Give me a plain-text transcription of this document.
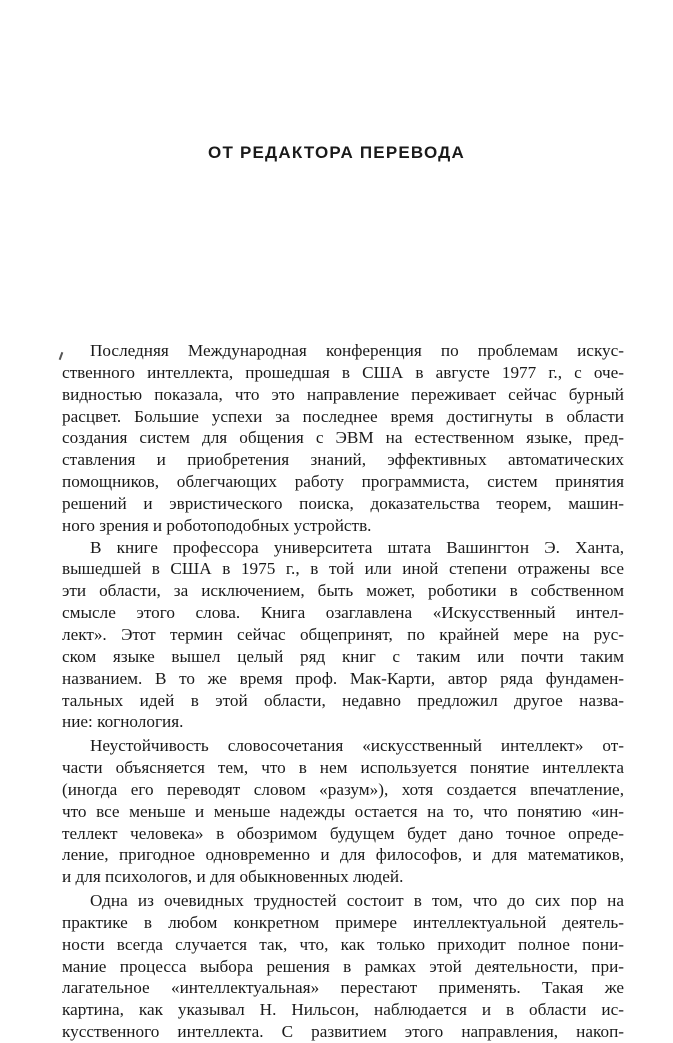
ОТ РЕДАКТОРА ПЕРЕВОДА
Последняя Международная конференция по проблемам искус-
ственного интеллекта, прошедшая в США в августе 1977 г., с оче-
видностью показала, что это направление переживает сейчас бурный
расцвет. Большие успехи за последнее время достигнуты в области
создания систем для общения с ЭВМ на естественном языке, пред-
ставления и приобретения знаний, эффективных автоматических
помощников, облегчающих работу программиста, систем принятия
решений и эвристического поиска, доказательства теорем, машин-
ного зрения и роботоподобных устройств.
В книге профессора университета штата Вашингтон Э. Ханта,
вышедшей в США в 1975 г., в той или иной степени отражены все
эти области, за исключением, быть может, роботики в собственном
смысле этого слова. Книга озаглавлена «Искусственный интел-
лект». Этот термин сейчас общепринят, по крайней мере на рус-
ском языке вышел целый ряд книг с таким или почти таким
названием. В то же время проф. Мак-Карти, автор ряда фундамен-
тальных идей в этой области, недавно предложил другое назва-
ние: когнология.
Неустойчивость словосочетания «искусственный интеллект» от-
части объясняется тем, что в нем используется понятие интеллекта
(иногда его переводят словом «разум»), хотя создается впечатление,
что все меньше и меньше надежды остается на то, что понятию «ин-
теллект человека» в обозримом будущем будет дано точное опреде-
ление, пригодное одновременно и для философов, и для математиков,
и для психологов, и для обыкновенных людей.
Одна из очевидных трудностей состоит в том, что до сих пор на
практике в любом конкретном примере интеллектуальной деятель-
ности всегда случается так, что, как только приходит полное пони-
мание процесса выбора решения в рамках этой деятельности, при-
лагательное «интеллектуальная» перестают применять. Такая же
картина, как указывал Н. Нильсон, наблюдается и в области ис-
кусственного интеллекта. С развитием этого направления, накоп-
